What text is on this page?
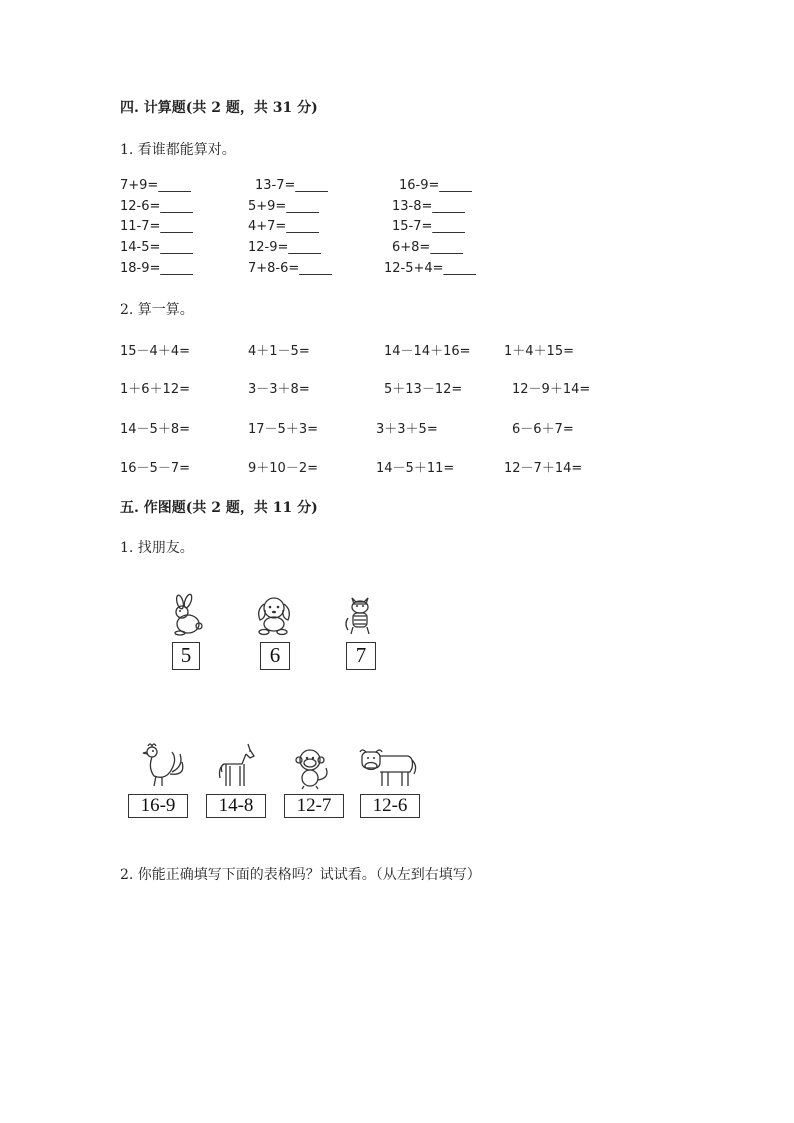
四. 计算题(共 2 题，共 31 分)
1. 看谁都能算对。
7+9=_____	13-7=_____	16-9=_____
12-6=_____	5+9=_____	13-8=_____
11-7=_____	4+7=_____	15-7=_____
14-5=_____	12-9=_____	6+8=_____
18-9=_____	7+8-6=_____	12-5+4=_____
2. 算一算。
15－4＋4=	4＋1－5=	14－14＋16=	1＋4＋15=
1＋6＋12=	3－3＋8=	5＋13－12=	12－9＋14=
14－5＋8=	17－5＋3=	3＋3＋5=	6－6＋7=
16－5－7=	9＋10－2=	14－5＋11=	12－7＋14=
五. 作图题(共 2 题，共 11 分)
1. 找朋友。
5	6	7
16-9	14-8	12-7	12-6
2. 你能正确填写下面的表格吗？试试看。（从左到右填写）
